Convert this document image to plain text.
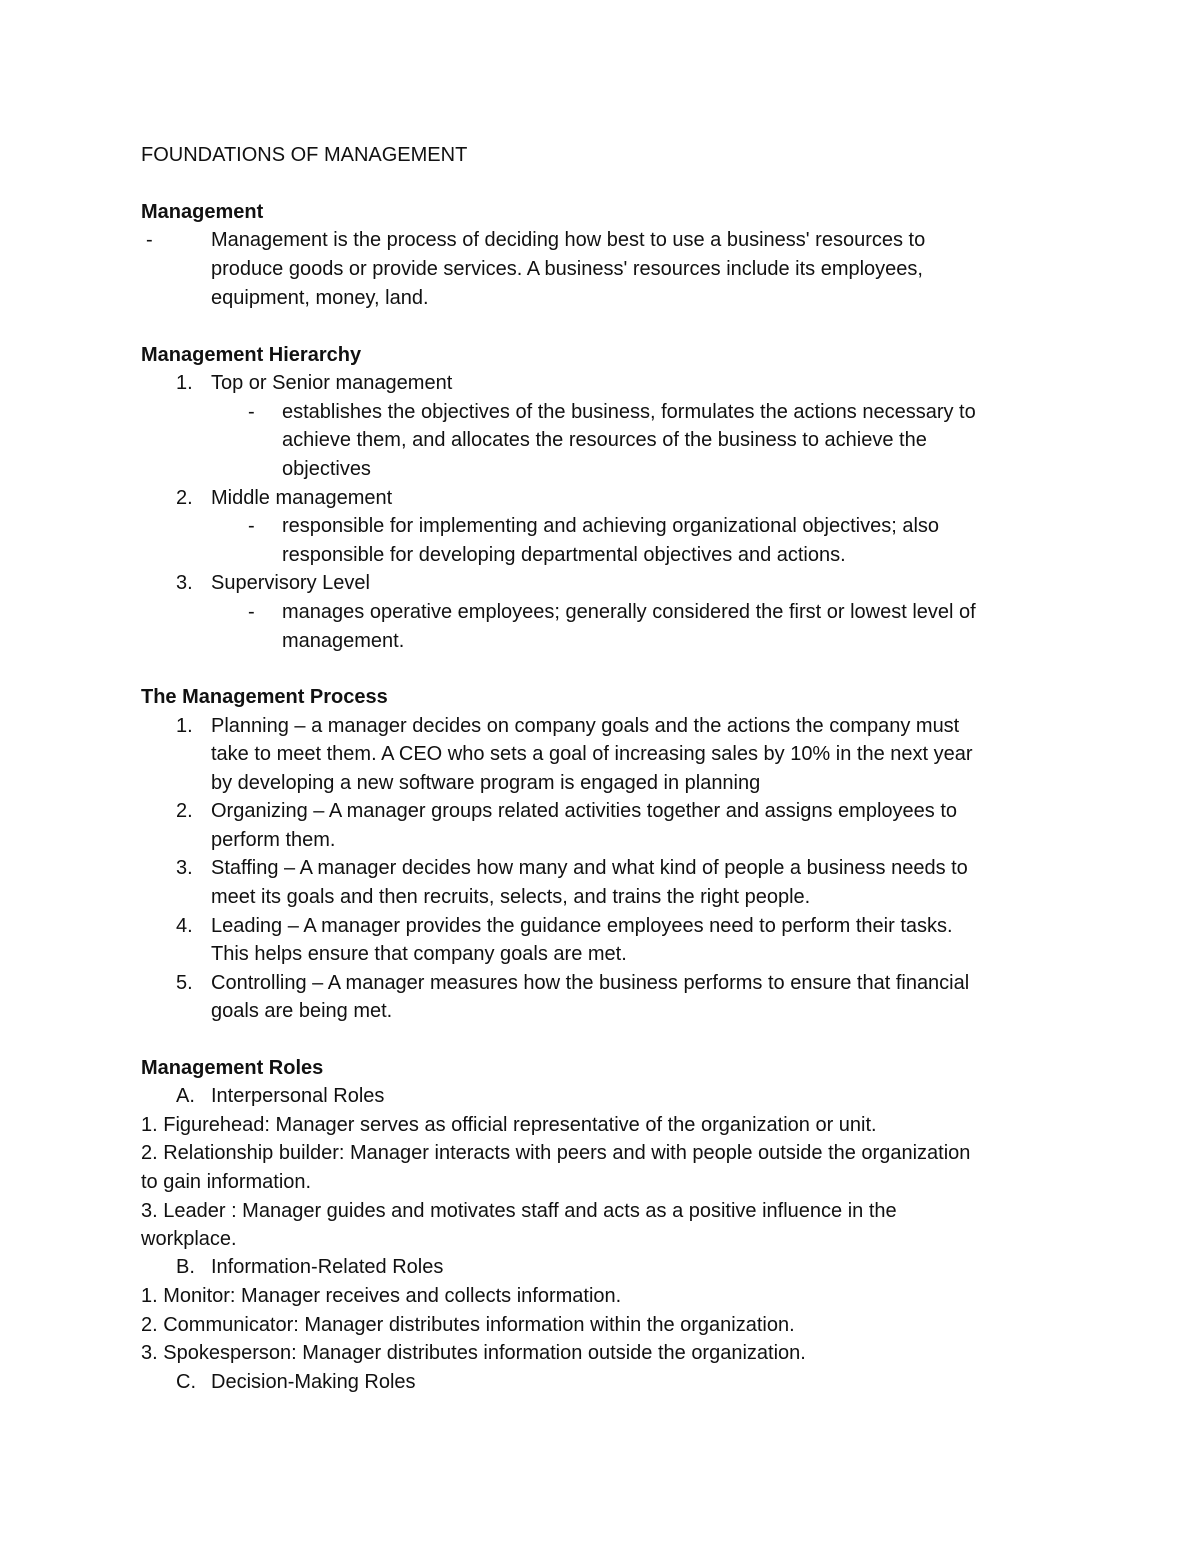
FOUNDATIONS OF MANAGEMENT
Management
-	Management is the process of deciding how best to use a business' resources to
produce goods or provide services. A business' resources include its employees,
equipment, money, land.
Management Hierarchy
1. Top or Senior management
- establishes the objectives of the business, formulates the actions necessary to
achieve them, and allocates the resources of the business to achieve the
objectives
2. Middle management
- responsible for implementing and achieving organizational objectives; also
responsible for developing departmental objectives and actions.
3. Supervisory Level
- manages operative employees; generally considered the first or lowest level of
management.
The Management Process
1. Planning – a manager decides on company goals and the actions the company must
take to meet them. A CEO who sets a goal of increasing sales by 10% in the next year
by developing a new software program is engaged in planning
2. Organizing – A manager groups related activities together and assigns employees to
perform them.
3. Staffing – A manager decides how many and what kind of people a business needs to
meet its goals and then recruits, selects, and trains the right people.
4. Leading – A manager provides the guidance employees need to perform their tasks.
This helps ensure that company goals are met.
5. Controlling – A manager measures how the business performs to ensure that financial
goals are being met.
Management Roles
A. Interpersonal Roles
1. Figurehead: Manager serves as official representative of the organization or unit.
2. Relationship builder: Manager interacts with peers and with people outside the organization
to gain information.
3. Leader : Manager guides and motivates staff and acts as a positive influence in the
workplace.
B. Information-Related Roles
1. Monitor: Manager receives and collects information.
2. Communicator: Manager distributes information within the organization.
3. Spokesperson: Manager distributes information outside the organization.
C. Decision-Making Roles
